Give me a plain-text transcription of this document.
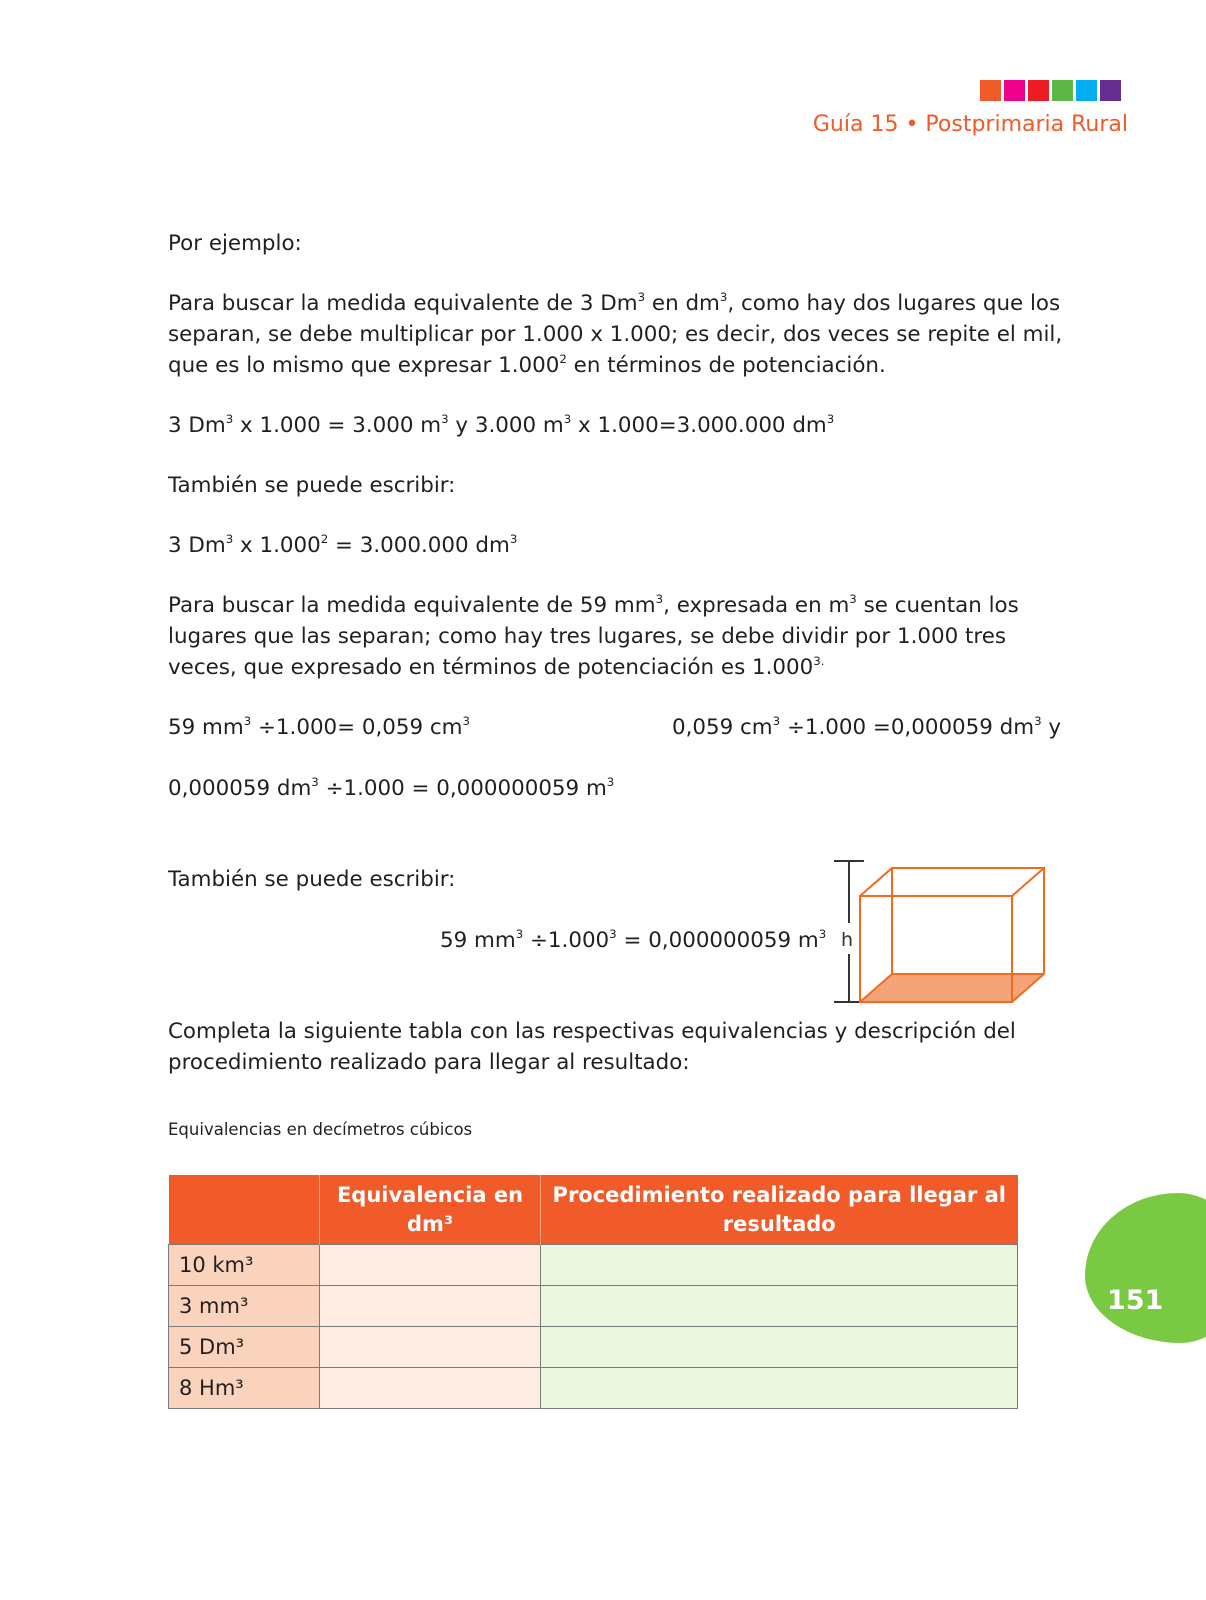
Guía 15 • Postprimaria Rural

Por ejemplo:

Para buscar la medida equivalente de 3 Dm$^3$ en $dm^3$, como hay dos lugares que los separan, se debe multiplicar por 1.000 x 1.000; es decir, dos veces se repite el mil, que es lo mismo que expresar 1.000$^2$ en términos de potenciación.

3 Dm$^3$ x 1.000 = 3.000 $m^3$ y 3.000 $m^3$ x 1.000=3.000.000 $dm^3$

También se puede escribir:

3 Dm$^3$ x $1.000^2 = 3.000.000$ $dm^3$

Para buscar la medida equivalente de 59 $mm^3$, expresada en $m^3$ se cuentan los lugares que las separan; como hay tres lugares, se debe dividir por 1.000 tres veces, que expresado en términos de potenciación es $1.000^{3.}$

59 $mm^3 \div 1.000= 0,059$ $cm^3$	0,059 $cm^3 \div 1.000 =0,000059$ $dm^3$ y
0,000059 $dm^3 \div 1.000 = 0,000000059$ $m^3$
También se puede escribir:
59 $mm^3 \div 1.000^3 = 0,000000059$ $m^3$ h
Completa la siguiente tabla con las respectivas equivalencias y descripción del procedimiento realizado para llegar al resultado:
Equivalencias en decímetros cúbicos
	Equivalencia en dm³	Procedimiento realizado para llegar al resultado
10 km³		
3 mm³		
5 Dm³		
8 Hm³		
151
